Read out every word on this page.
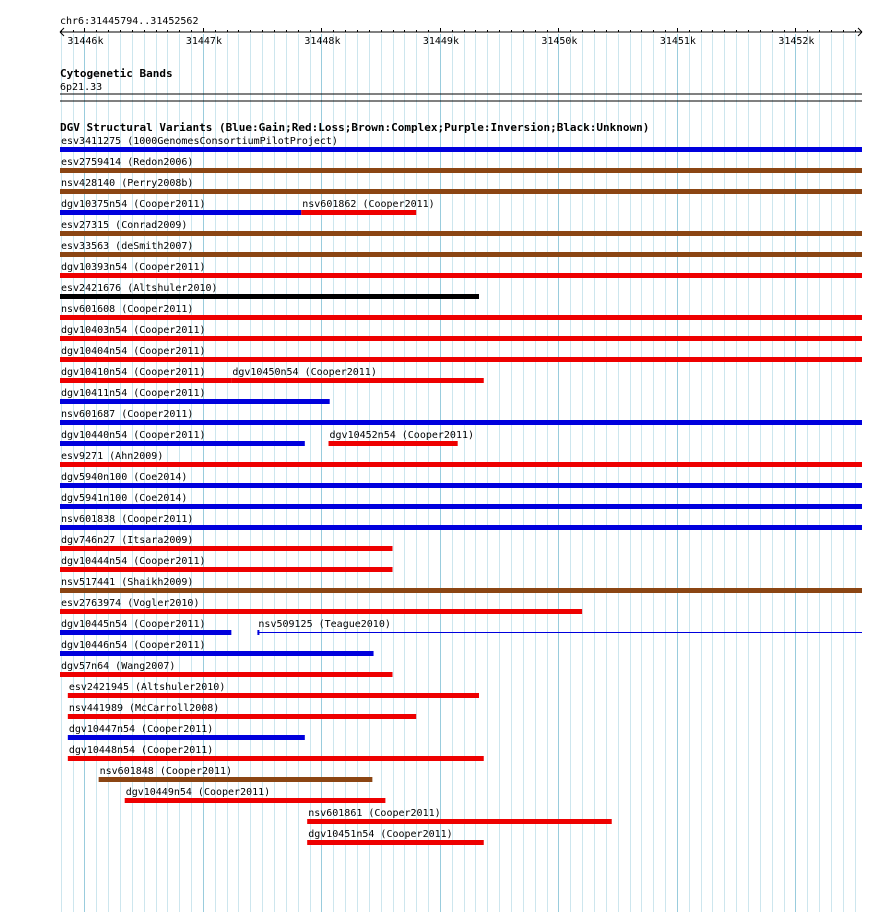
chr6:31445794..31452562
31446k	31447k	31448k	31449k	31450k	31451k	31452k
Cytogenetic Bands
6p21.33
DGV Structural Variants (Blue:Gain;Red:Loss;Brown:Complex;Purple:Inversion;Black:Unknown)
esv3411275 (1000GenomesConsortiumPilotProject)
esv2759414 (Redon2006)
nsv428140 (Perry2008b)
dgv10375n54 (Cooper2011)	nsv601862 (Cooper2011)
esv27315 (Conrad2009)
esv33563 (deSmith2007)
dgv10393n54 (Cooper2011)
esv2421676 (Altshuler2010)
nsv601608 (Cooper2011)
dgv10403n54 (Cooper2011)
dgv10404n54 (Cooper2011)
dgv10410n54 (Cooper2011)	dgv10450n54 (Cooper2011)
dgv10411n54 (Cooper2011)
nsv601687 (Cooper2011)
dgv10440n54 (Cooper2011)	dgv10452n54 (Cooper2011)
esv9271 (Ahn2009)
dgv5940n100 (Coe2014)
dgv5941n100 (Coe2014)
nsv601838 (Cooper2011)
dgv746n27 (Itsara2009)
dgv10444n54 (Cooper2011)
nsv517441 (Shaikh2009)
esv2763974 (Vogler2010)
dgv10445n54 (Cooper2011)	nsv509125 (Teague2010)
dgv10446n54 (Cooper2011)
dgv57n64 (Wang2007)
esv2421945 (Altshuler2010)
nsv441989 (McCarroll2008)
dgv10447n54 (Cooper2011)
dgv10448n54 (Cooper2011)
nsv601848 (Cooper2011)
dgv10449n54 (Cooper2011)
nsv601861 (Cooper2011)
dgv10451n54 (Cooper2011)
